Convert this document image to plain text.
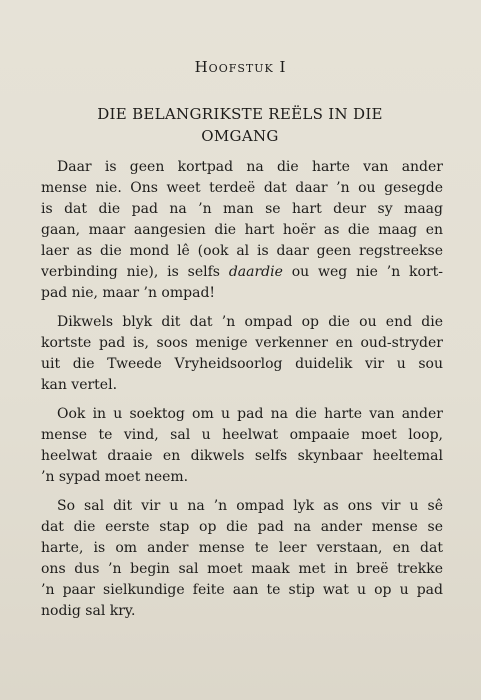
Hoofstuk I
DIE BELANGRIKSTE REËLS IN DIE
OMGANG
Daar is geen kortpad na die harte van ander
mense nie. Ons weet terdeë dat daar ’n ou gesegde
is dat die pad na ’n man se hart deur sy maag
gaan, maar aangesien die hart hoër as die maag en
laer as die mond lê (ook al is daar geen regstreekse
verbinding nie), is selfs daardie ou weg nie ’n kort-
pad nie, maar ’n ompad!
Dikwels blyk dit dat ’n ompad op die ou end die
kortste pad is, soos menige verkenner en oud-stryder
uit die Tweede Vryheidsoorlog duidelik vir u sou
kan vertel.
Ook in u soektog om u pad na die harte van ander
mense te vind, sal u heelwat ompaaie moet loop,
heelwat draaie en dikwels selfs skynbaar heeltemal
’n sypad moet neem.
So sal dit vir u na ’n ompad lyk as ons vir u sê
dat die eerste stap op die pad na ander mense se
harte, is om ander mense te leer verstaan, en dat
ons dus ’n begin sal moet maak met in breë trekke
’n paar sielkundige feite aan te stip wat u op u pad
nodig sal kry.
